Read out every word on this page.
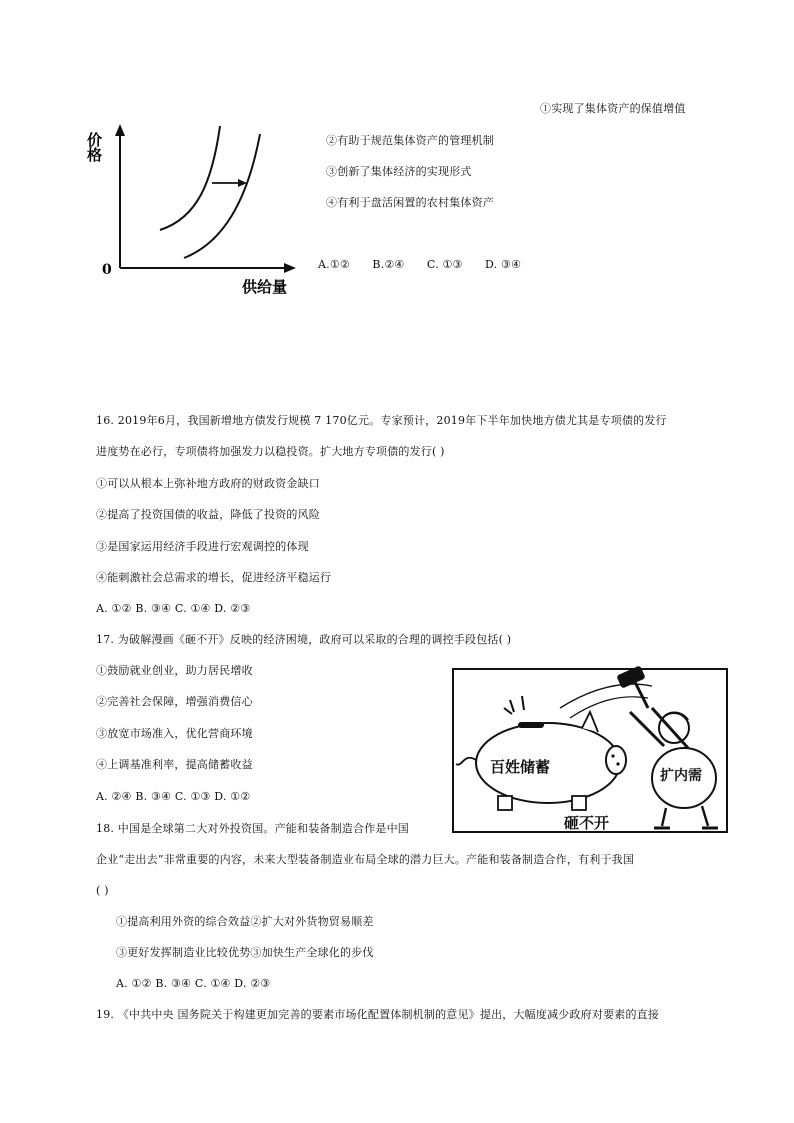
价格
0
供给量
①实现了集体资产的保值增值
②有助于规范集体资产的管理机制
③创新了集体经济的实现形式
④有利于盘活闲置的农村集体资产
A.①②　　B.②④　　C. ①③　　D. ③④
16. 2019年6月，我国新增地方债发行规模 7 170亿元。专家预计，2019年下半年加快地方债尤其是专项债的发行
进度势在必行，专项债将加强发力以稳投资。扩大地方专项债的发行( )
①可以从根本上弥补地方政府的财政资金缺口
②提高了投资国债的收益，降低了投资的风险
③是国家运用经济手段进行宏观调控的体现
④能刺激社会总需求的增长，促进经济平稳运行
A. ①② B. ③④ C. ①④ D. ②③
17. 为破解漫画《砸不开》反映的经济困境，政府可以采取的合理的调控手段包括( )
①鼓励就业创业，助力居民增收
②完善社会保障，增强消费信心
③放宽市场准入，优化营商环境
④上调基准利率，提高储蓄收益
A. ②④ B. ③④ C. ①③ D. ①②
百姓储蓄	扩内需
砸不开
18. 中国是全球第二大对外投资国。产能和装备制造合作是中国
企业“走出去”非常重要的内容，未来大型装备制造业布局全球的潜力巨大。产能和装备制造合作，有利于我国
( )
①提高利用外资的综合效益②扩大对外货物贸易顺差
③更好发挥制造业比较优势③加快生产全球化的步伐
A. ①② B. ③④ C. ①④ D. ②③
19. 《中共中央 国务院关于构建更加完善的要素市场化配置体制机制的意见》提出，大幅度减少政府对要素的直接
